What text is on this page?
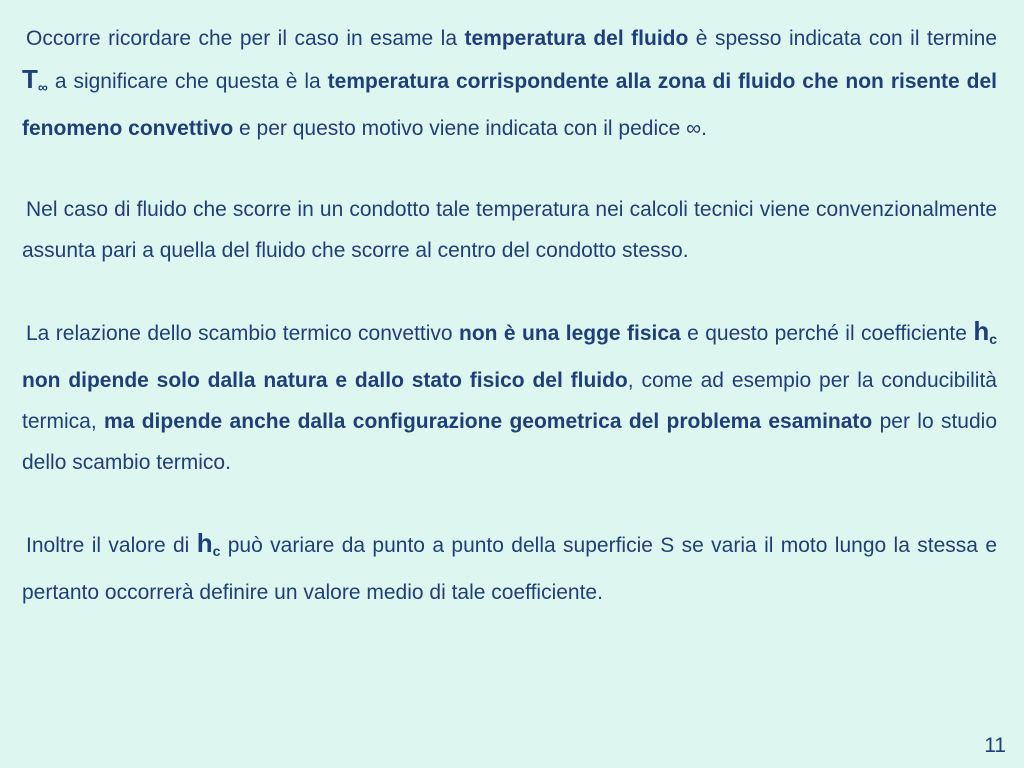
Occorre ricordare che per il caso in esame la temperatura del fluido è spesso indicata con il termine $T_\infty$ a significare che questa è la temperatura corrispondente alla zona di fluido che non risente del fenomeno convettivo e per questo motivo viene indicata con il pedice ∞.

Nel caso di fluido che scorre in un condotto tale temperatura nei calcoli tecnici viene convenzionalmente assunta pari a quella del fluido che scorre al centro del condotto stesso.

La relazione dello scambio termico convettivo non è una legge fisica e questo perché il coefficiente $h_c$ non dipende solo dalla natura e dallo stato fisico del fluido, come ad esempio per la conducibilità termica, ma dipende anche dalla configurazione geometrica del problema esaminato per lo studio dello scambio termico.

Inoltre il valore di $h_c$ può variare da punto a punto della superficie S se varia il moto lungo la stessa e pertanto occorrerà definire un valore medio di tale coefficiente.

11
